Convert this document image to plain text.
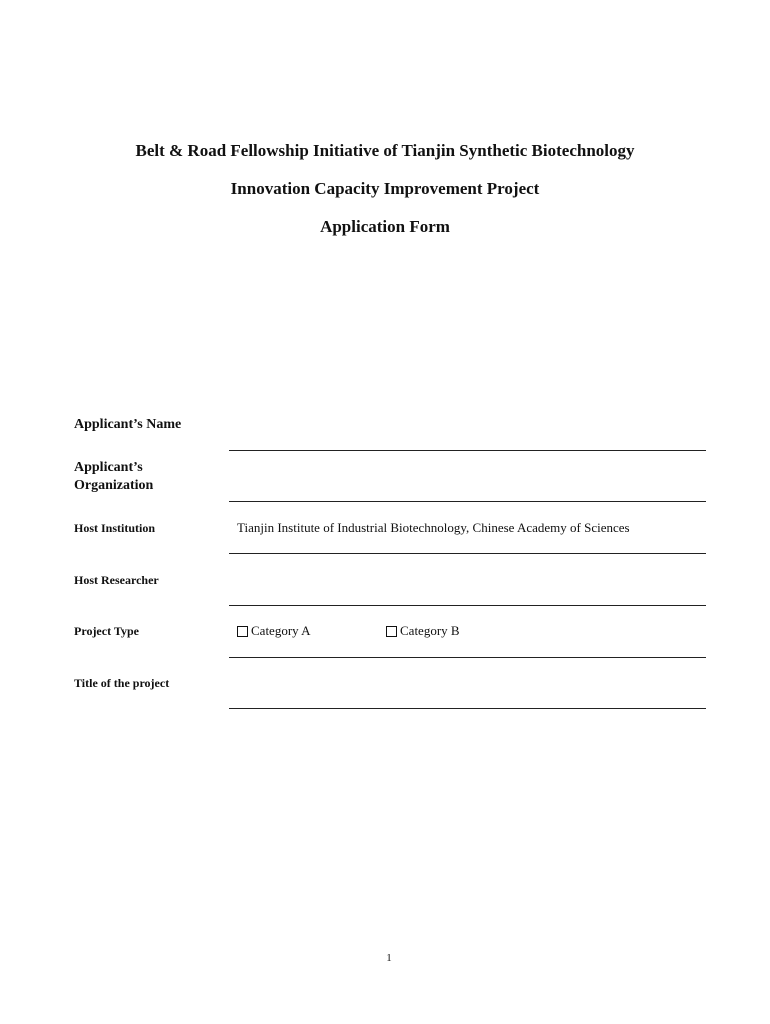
Belt & Road Fellowship Initiative of Tianjin Synthetic Biotechnology
Innovation Capacity Improvement Project
Application Form
Applicant’s Name
Applicant’s Organization
Host Institution	Tianjin Institute of Industrial Biotechnology, Chinese Academy of Sciences
Host Researcher
Project Type	Category A	Category B
Title of the project
1
